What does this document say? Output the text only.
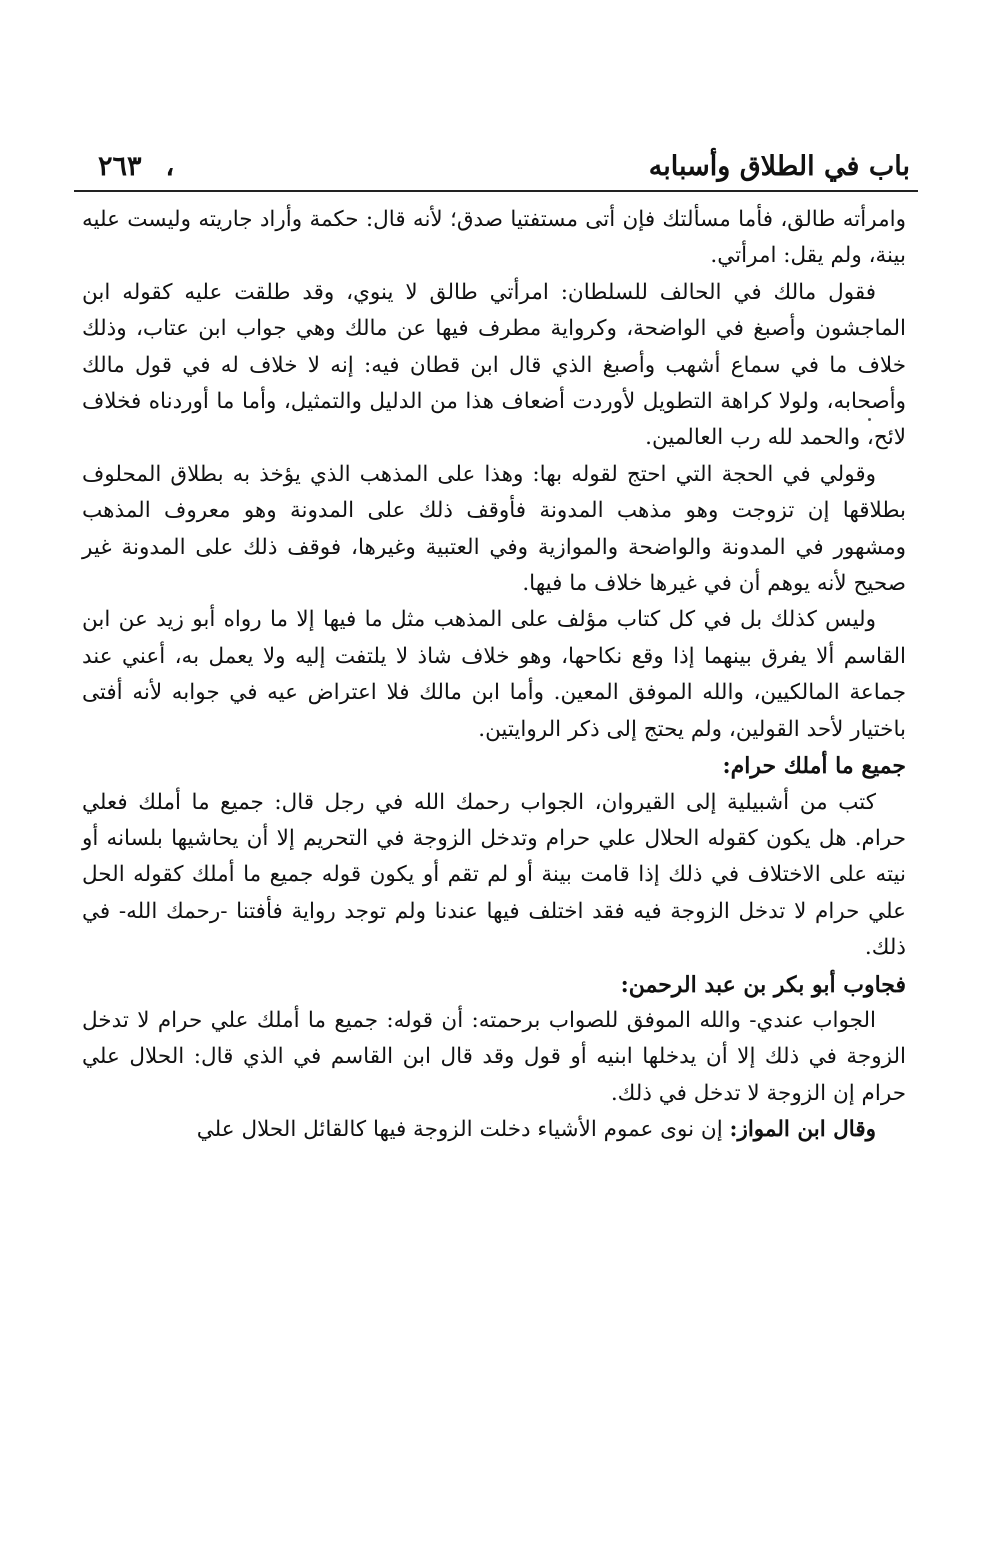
باب في الطلاق وأسبابه
،٢٦٣

وامرأته طالق، فأما مسألتك فإن أتى مستفتيا صدق؛ لأنه قال: حكمة وأراد جاريته وليست عليه بينة، ولم يقل: امرأتي.

فقول مالك في الحالف للسلطان: امرأتي طالق لا ينوي، وقد طلقت عليه كقوله ابن الماجشون وأصبغ في الواضحة، وكرواية مطرف فيها عن مالك وهي جواب ابن عتاب، وذلك خلاف ما في سماع أشهب وأصبغ الذي قال ابن قطان فيه: إنه لا خلاف له في قول مالك وأصحابه، ولولا كراهة التطويل لأوردت أضعاف هذا من الدليل والتمثيل، وأما ما أوردناه فخلاف لائح، والحمد لله رب العالمين.

وقولي في الحجة التي احتج لقوله بها: وهذا على المذهب الذي يؤخذ به بطلاق المحلوف بطلاقها إن تزوجت وهو مذهب المدونة فأوقف ذلك على المدونة وهو معروف المذهب ومشهور في المدونة والواضحة والموازية وفي العتبية وغيرها، فوقف ذلك على المدونة غير صحيح لأنه يوهم أن في غيرها خلاف ما فيها.

وليس كذلك بل في كل كتاب مؤلف على المذهب مثل ما فيها إلا ما رواه أبو زيد عن ابن القاسم ألا يفرق بينهما إذا وقع نكاحها، وهو خلاف شاذ لا يلتفت إليه ولا يعمل به، أعني عند جماعة المالكيين، والله الموفق المعين. وأما ابن مالك فلا اعتراض عيه في جوابه لأنه أفتى باختيار لأحد القولين، ولم يحتج إلى ذكر الروايتين.

جميع ما أملك حرام:

كتب من أشبيلية إلى القيروان، الجواب رحمك الله في رجل قال: جميع ما أملك فعلي حرام. هل يكون كقوله الحلال علي حرام وتدخل الزوجة في التحريم إلا أن يحاشيها بلسانه أو نيته على الاختلاف في ذلك إذا قامت بينة أو لم تقم أو يكون قوله جميع ما أملك كقوله الحل علي حرام لا تدخل الزوجة فيه فقد اختلف فيها عندنا ولم توجد رواية فأفتنا -رحمك الله- في ذلك.

فجاوب أبو بكر بن عبد الرحمن:

الجواب عندي- والله الموفق للصواب برحمته: أن قوله: جميع ما أملك علي حرام لا تدخل الزوجة في ذلك إلا أن يدخلها ابنيه أو قول وقد قال ابن القاسم في الذي قال: الحلال علي حرام إن الزوجة لا تدخل في ذلك.

وقال ابن المواز: إن نوى عموم الأشياء دخلت الزوجة فيها كالقائل الحلال علي
